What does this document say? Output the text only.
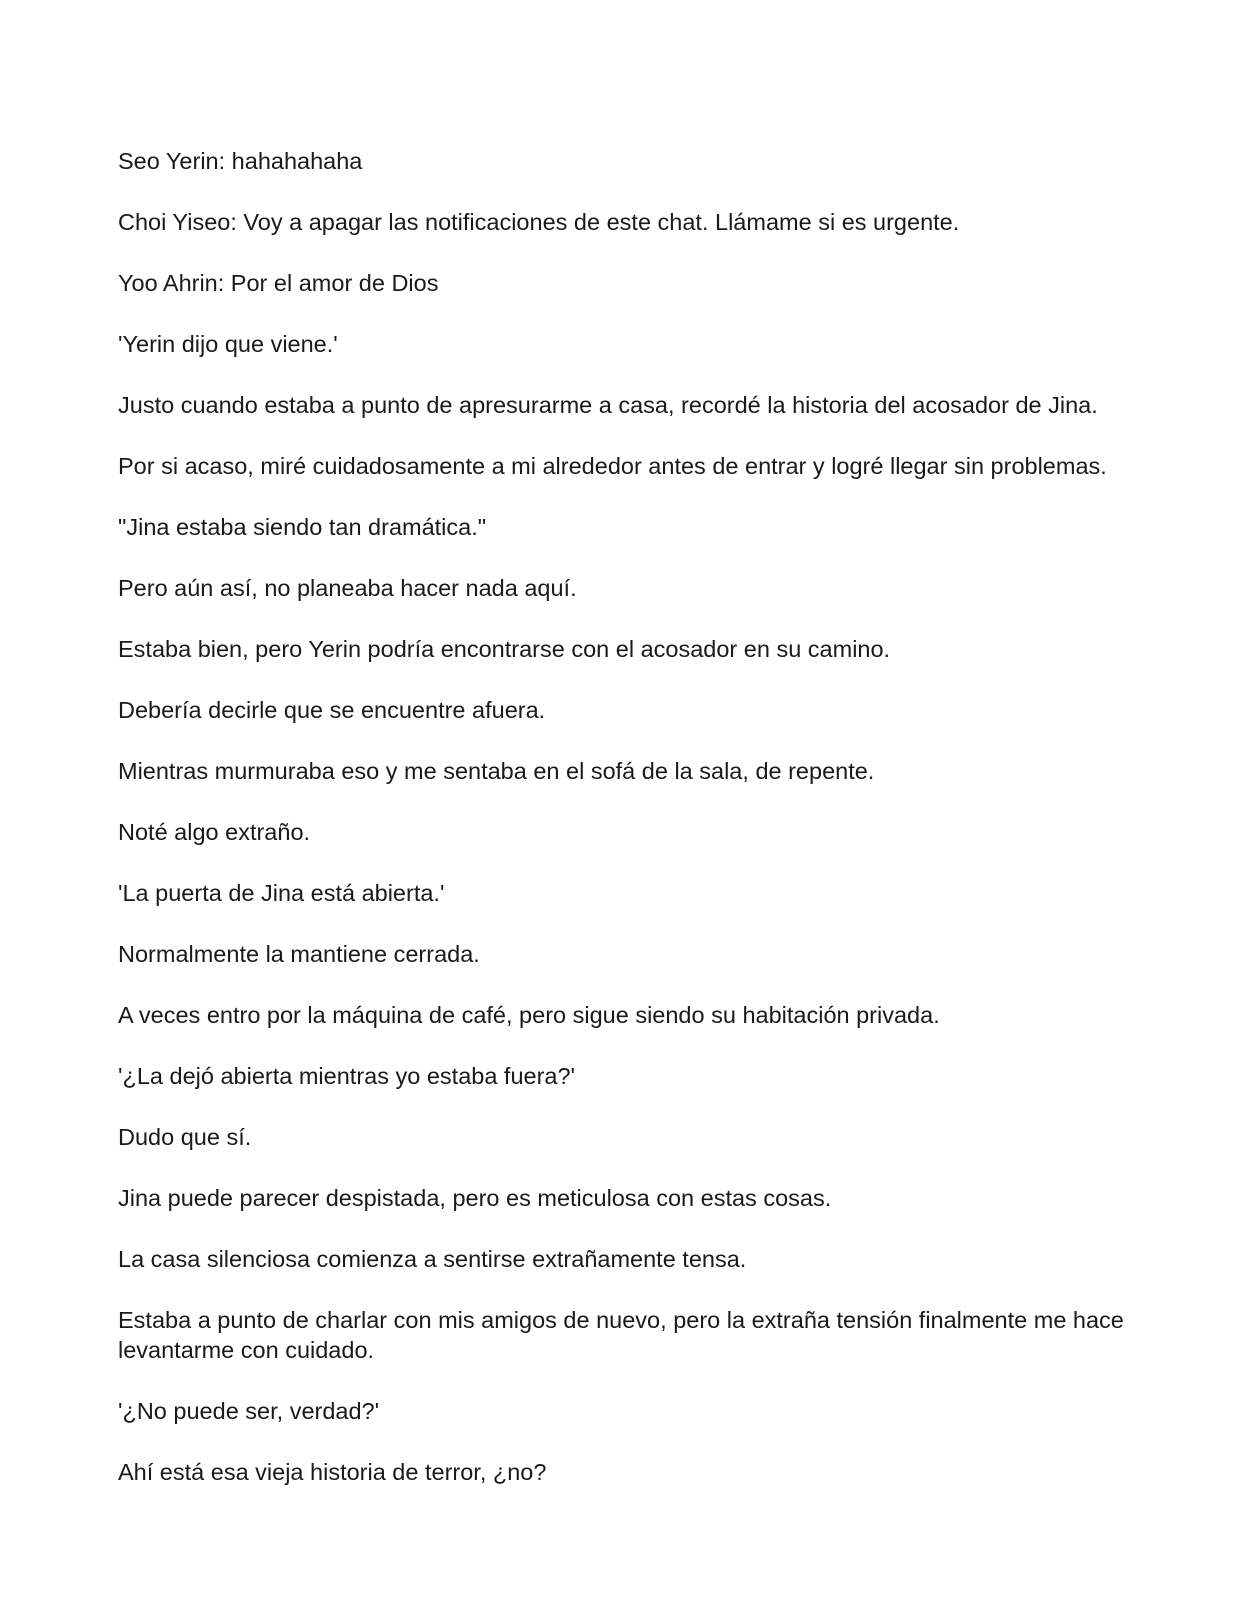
Seo Yerin: hahahahaha

Choi Yiseo: Voy a apagar las notificaciones de este chat. Llámame si es urgente.

Yoo Ahrin: Por el amor de Dios

'Yerin dijo que viene.'

Justo cuando estaba a punto de apresurarme a casa, recordé la historia del acosador de Jina.

Por si acaso, miré cuidadosamente a mi alrededor antes de entrar y logré llegar sin problemas.

"Jina estaba siendo tan dramática."

Pero aún así, no planeaba hacer nada aquí.

Estaba bien, pero Yerin podría encontrarse con el acosador en su camino.

Debería decirle que se encuentre afuera.

Mientras murmuraba eso y me sentaba en el sofá de la sala, de repente.

Noté algo extraño.

'La puerta de Jina está abierta.'

Normalmente la mantiene cerrada.

A veces entro por la máquina de café, pero sigue siendo su habitación privada.

'¿La dejó abierta mientras yo estaba fuera?'

Dudo que sí.

Jina puede parecer despistada, pero es meticulosa con estas cosas.

La casa silenciosa comienza a sentirse extrañamente tensa.

Estaba a punto de charlar con mis amigos de nuevo, pero la extraña tensión finalmente me hace levantarme con cuidado.

'¿No puede ser, verdad?'

Ahí está esa vieja historia de terror, ¿no?
